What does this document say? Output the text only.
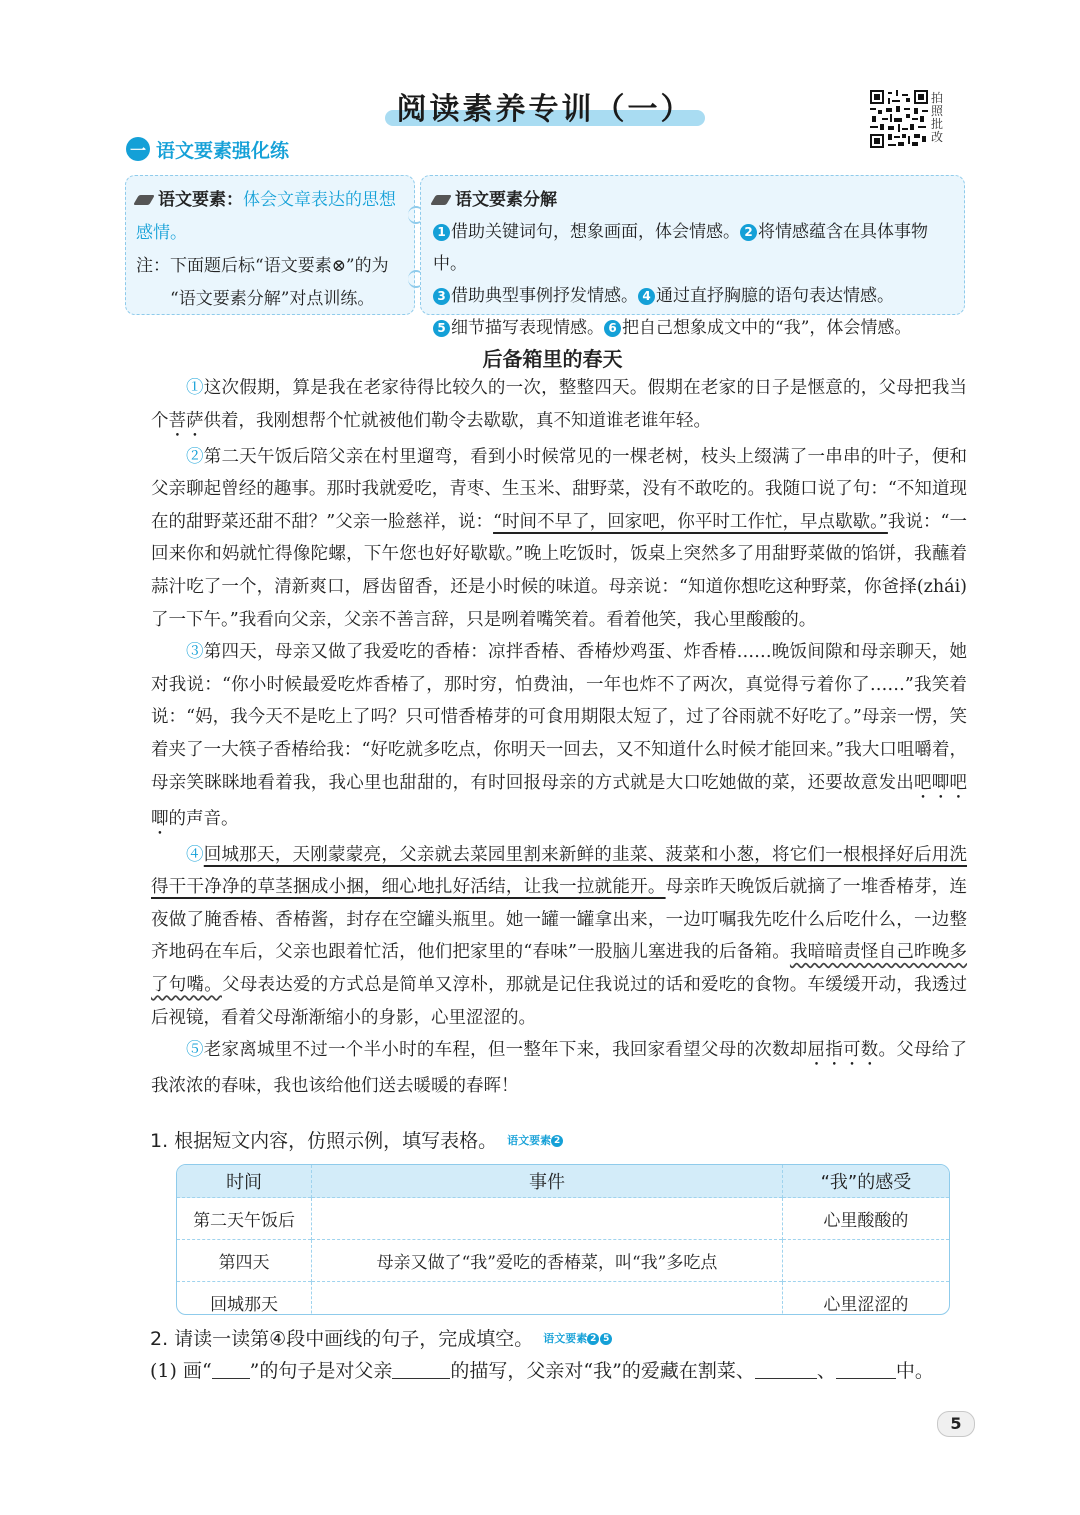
阅读素养专训（一）	拍照批改
一 语文要素强化练
语文要素：体会文章表达的思想感情。
注：下面题后标“语文要素⊗”的为
“语文要素分解”对点训练。
语文要素分解
1 借助关键词句，想象画面，体会情感。 2 将情感蕴含在具体事物中。
3 借助典型事例抒发情感。 4 通过直抒胸臆的语句表达情感。
5 细节描写表现情感。 6 把自己想象成文中的“我”，体会情感。
后备箱里的春天

①这次假期，算是我在老家待得比较久的一次，整整四天。假期在老家的日子是惬意的，父母把我当个菩萨供着，我刚想帮个忙就被他们勒令去歇歇，真不知道谁老谁年轻。

②第二天午饭后陪父亲在村里遛弯，看到小时候常见的一棵老树，枝头上缀满了一串串的叶子，便和父亲聊起曾经的趣事。那时我就爱吃，青枣、生玉米、甜野菜，没有不敢吃的。我随口说了句：“不知道现在的甜野菜还甜不甜？”父亲一脸慈祥，说：“时间不早了，回家吧，你平时工作忙，早点歇歇。”我说：“一回来你和妈就忙得像陀螺，下午您也好好歇歇。”晚上吃饭时，饭桌上突然多了用甜野菜做的馅饼，我蘸着蒜汁吃了一个，清新爽口，唇齿留香，还是小时候的味道。母亲说：“知道你想吃这种野菜，你爸择(zhái)了一下午。”我看向父亲，父亲不善言辞，只是咧着嘴笑着。看着他笑，我心里酸酸的。

③第四天，母亲又做了我爱吃的香椿：凉拌香椿、香椿炒鸡蛋、炸香椿……晚饭间隙和母亲聊天，她对我说：“你小时候最爱吃炸香椿了，那时穷，怕费油，一年也炸不了两次，真觉得亏着你了……”我笑着说：“妈，我今天不是吃上了吗？只可惜香椿芽的可食用期限太短了，过了谷雨就不好吃了。”母亲一愣，笑着夹了一大筷子香椿给我：“好吃就多吃点，你明天一回去，又不知道什么时候才能回来。”我大口咀嚼着，母亲笑眯眯地看着我，我心里也甜甜的，有时回报母亲的方式就是大口吃她做的菜，还要故意发出吧唧吧唧的声音。

④回城那天，天刚蒙蒙亮，父亲就去菜园里割来新鲜的韭菜、菠菜和小葱，将它们一根根择好后用洗得干干净净的草茎捆成小捆，细心地扎好活结，让我一拉就能开。母亲昨天晚饭后就摘了一堆香椿芽，连夜做了腌香椿、香椿酱，封存在空罐头瓶里。她一罐一罐拿出来，一边叮嘱我先吃什么后吃什么，一边整齐地码在车后，父亲也跟着忙活，他们把家里的“春味”一股脑儿塞进我的后备箱。我暗暗责怪自己昨晚多了句嘴。父母表达爱的方式总是简单又淳朴，那就是记住我说过的话和爱吃的食物。车缓缓开动，我透过后视镜，看着父母渐渐缩小的身影，心里涩涩的。

⑤老家离城里不过一个半小时的车程，但一整年下来，我回家看望父母的次数却屈指可数。父母给了我浓浓的春味，我也该给他们送去暖暖的春晖！

1. 根据短文内容，仿照示例，填写表格。 语文要素 2
时间	事件	“我”的感受
第二天午饭后		心里酸酸的
第四天	母亲又做了“我”爱吃的香椿菜，叫“我”多吃点	
回城那天		心里涩涩的
2. 请读一读第④段中画线的句子，完成填空。 语文要素 2 5
(1) 画“ ”的句子是对父亲	的描写，父亲对“我”的爱藏在割菜、	、	中。
5
